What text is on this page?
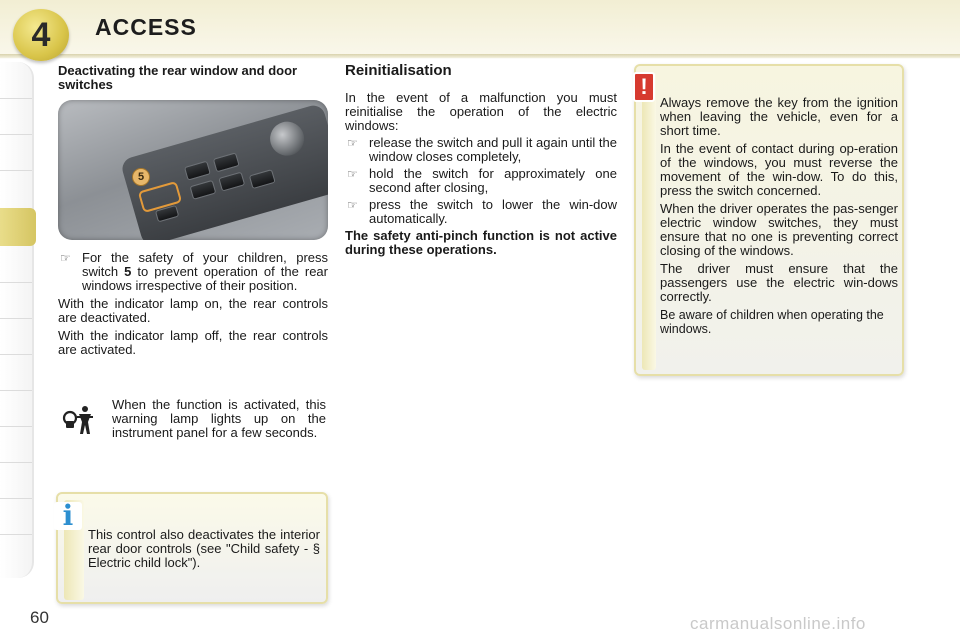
4	ACCESS
Deactivating the rear window and door switches
5
☞ For the safety of your children, press switch 5 to prevent operation of the rear windows irrespective of their position.
With the indicator lamp on, the rear controls are deactivated.
With the indicator lamp off, the rear controls are activated.
When the function is activated, this warning lamp lights up on the instrument panel for a few seconds.
i
This control also deactivates the interior rear door controls (see "Child safety - § Electric child lock").
Reinitialisation
In the event of a malfunction you must reinitialise the operation of the electric windows:
☞ release the switch and pull it again until the window closes completely,
☞ hold the switch for approximately one second after closing,
☞ press the switch to lower the win-dow automatically.
The safety anti-pinch function is not active during these operations.
!
Always remove the key from the ignition when leaving the vehicle, even for a short time.
In the event of contact during op-eration of the windows, you must reverse the movement of the win-dow. To do this, press the switch concerned.
When the driver operates the pas-senger electric window switches, they must ensure that no one is preventing correct closing of the windows.
The driver must ensure that the passengers use the electric win-dows correctly.
Be aware of children when operating the windows.
60	carmanualsonline.info
